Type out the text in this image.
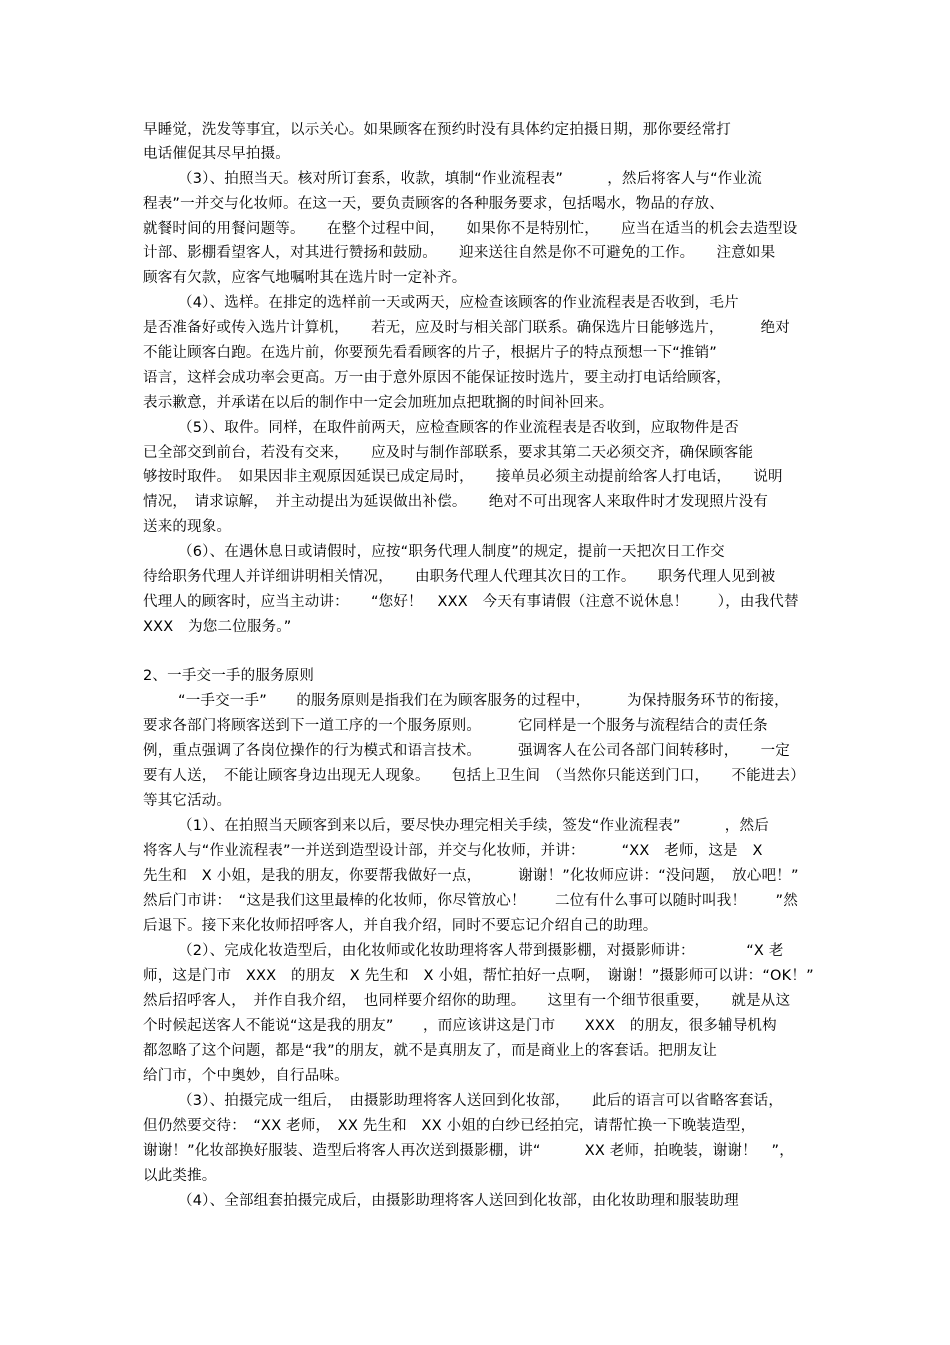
早睡觉，洗发等事宜，以示关心。如果顾客在预约时没有具体约定拍摄日期，那你要经常打
电话催促其尽早拍摄。
（3）、拍照当天。核对所订套系，收款，填制“作业流程表”　　　，然后将客人与“作业流
程表”一并交与化妆师。在这一天，要负责顾客的各种服务要求，包括喝水，物品的存放、
就餐时间的用餐问题等。　　在整个过程中间，　　如果你不是特别忙，　　应当在适当的机会去造型设
计部、影棚看望客人，对其进行赞扬和鼓励。　　迎来送往自然是你不可避免的工作。　　注意如果
顾客有欠款，应客气地嘱咐其在选片时一定补齐。
（4）、选样。在排定的选样前一天或两天，应检查该顾客的作业流程表是否收到，毛片
是否准备好或传入选片计算机，　　若无，应及时与相关部门联系。确保选片日能够选片，　　　绝对
不能让顾客白跑。在选片前，你要预先看看顾客的片子，根据片子的特点预想一下“推销”
语言，这样会成功率会更高。万一由于意外原因不能保证按时选片，要主动打电话给顾客，
表示歉意，并承诺在以后的制作中一定会加班加点把耽搁的时间补回来。
（5）、取件。同样，在取件前两天，应检查顾客的作业流程表是否收到，应取物件是否
已全部交到前台，若没有交来，　　应及时与制作部联系，要求其第二天必须交齐，确保顾客能
够按时取件。　如果因非主观原因延误已成定局时，　　接单员必须主动提前给客人打电话，　　说明
情况，　请求谅解，　并主动提出为延误做出补偿。　　绝对不可出现客人来取件时才发现照片没有
送来的现象。
（6）、在遇休息日或请假时，应按“职务代理人制度”的规定，提前一天把次日工作交
待给职务代理人并详细讲明相关情况，　　由职务代理人代理其次日的工作。　　职务代理人见到被
代理人的顾客时，应当主动讲：　　“您好！　XXX　今天有事请假（注意不说休息！　　），由我代替
XXX　为您二位服务。”
2、一手交一手的服务原则
“一手交一手”　　的服务原则是指我们在为顾客服务的过程中，　　　为保持服务环节的衔接，
要求各部门将顾客送到下一道工序的一个服务原则。　　　它同样是一个服务与流程结合的责任条
例，重点强调了各岗位操作的行为模式和语言技术。　　　强调客人在公司各部门间转移时，　　一定
要有人送，　不能让顾客身边出现无人现象。　　包括上卫生间　（当然你只能送到门口，　　不能进去）
等其它活动。
（1）、在拍照当天顾客到来以后，要尽快办理完相关手续，签发“作业流程表”　　　，然后
将客人与“作业流程表”一并送到造型设计部，并交与化妆师，并讲：　　　“XX　老师，这是　X
先生和　X 小姐，是我的朋友，你要帮我做好一点，　　　谢谢！”化妆师应讲：“没问题，　放心吧！”
然后门市讲：　“这是我们这里最棒的化妆师，你尽管放心！　　二位有什么事可以随时叫我！　　”然
后退下。接下来化妆师招呼客人，并自我介绍，同时不要忘记介绍自己的助理。
（2）、完成化妆造型后，由化妆师或化妆助理将客人带到摄影棚，对摄影师讲：　　　　“X 老
师，这是门市　XXX　的朋友　X 先生和　X 小姐，帮忙拍好一点啊，　谢谢！”摄影师可以讲：“OK！”
然后招呼客人，　并作自我介绍，　也同样要介绍你的助理。　　这里有一个细节很重要，　　就是从这
个时候起送客人不能说“这是我的朋友”　　，而应该讲这是门市　　XXX　的朋友，很多辅导机构
都忽略了这个问题，都是“我”的朋友，就不是真朋友了，而是商业上的客套话。把朋友让
给门市，个中奥妙，自行品味。
（3）、拍摄完成一组后，　由摄影助理将客人送回到化妆部，　　此后的语言可以省略客套话，
但仍然要交待：　“XX 老师，　XX 先生和　XX 小姐的白纱已经拍完，请帮忙换一下晚装造型，
谢谢！”化妆部换好服装、造型后将客人再次送到摄影棚，讲“　　　XX 老师，拍晚装，谢谢！　”，
以此类推。
（4）、全部组套拍摄完成后，由摄影助理将客人送回到化妆部，由化妆助理和服装助理
